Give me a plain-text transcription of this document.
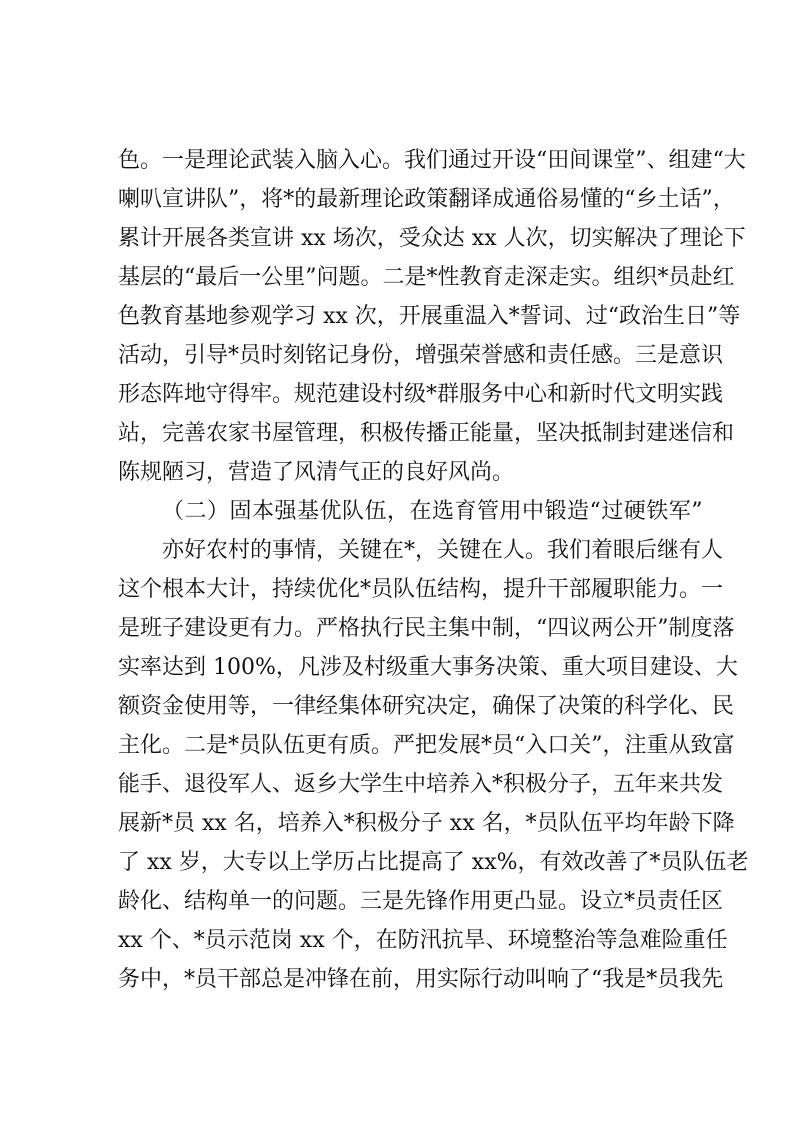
色。一是理论武装入脑入心。我们通过开设“田间课堂”、组建“大
喇叭宣讲队”，将*的最新理论政策翻译成通俗易懂的“乡土话”，
累计开展各类宣讲 xx 场次，受众达 xx 人次，切实解决了理论下
基层的“最后一公里”问题。二是*性教育走深走实。组织*员赴红
色教育基地参观学习 xx 次，开展重温入*誓词、过“政治生日”等
活动，引导*员时刻铭记身份，增强荣誉感和责任感。三是意识
形态阵地守得牢。规范建设村级*群服务中心和新时代文明实践
站，完善农家书屋管理，积极传播正能量，坚决抵制封建迷信和
陈规陋习，营造了风清气正的良好风尚。
（二）固本强基优队伍，在选育管用中锻造“过硬铁军”
亦好农村的事情，关键在*，关键在人。我们着眼后继有人
这个根本大计，持续优化*员队伍结构，提升干部履职能力。一
是班子建设更有力。严格执行民主集中制，“四议两公开”制度落
实率达到 100%，凡涉及村级重大事务决策、重大项目建设、大
额资金使用等，一律经集体研究决定，确保了决策的科学化、民
主化。二是*员队伍更有质。严把发展*员“入口关”，注重从致富
能手、退役军人、返乡大学生中培养入*积极分子，五年来共发
展新*员 xx 名，培养入*积极分子 xx 名，*员队伍平均年龄下降
了 xx 岁，大专以上学历占比提高了 xx%，有效改善了*员队伍老
龄化、结构单一的问题。三是先锋作用更凸显。设立*员责任区
xx 个、*员示范岗 xx 个，在防汛抗旱、环境整治等急难险重任
务中，*员干部总是冲锋在前，用实际行动叫响了“我是*员我先
